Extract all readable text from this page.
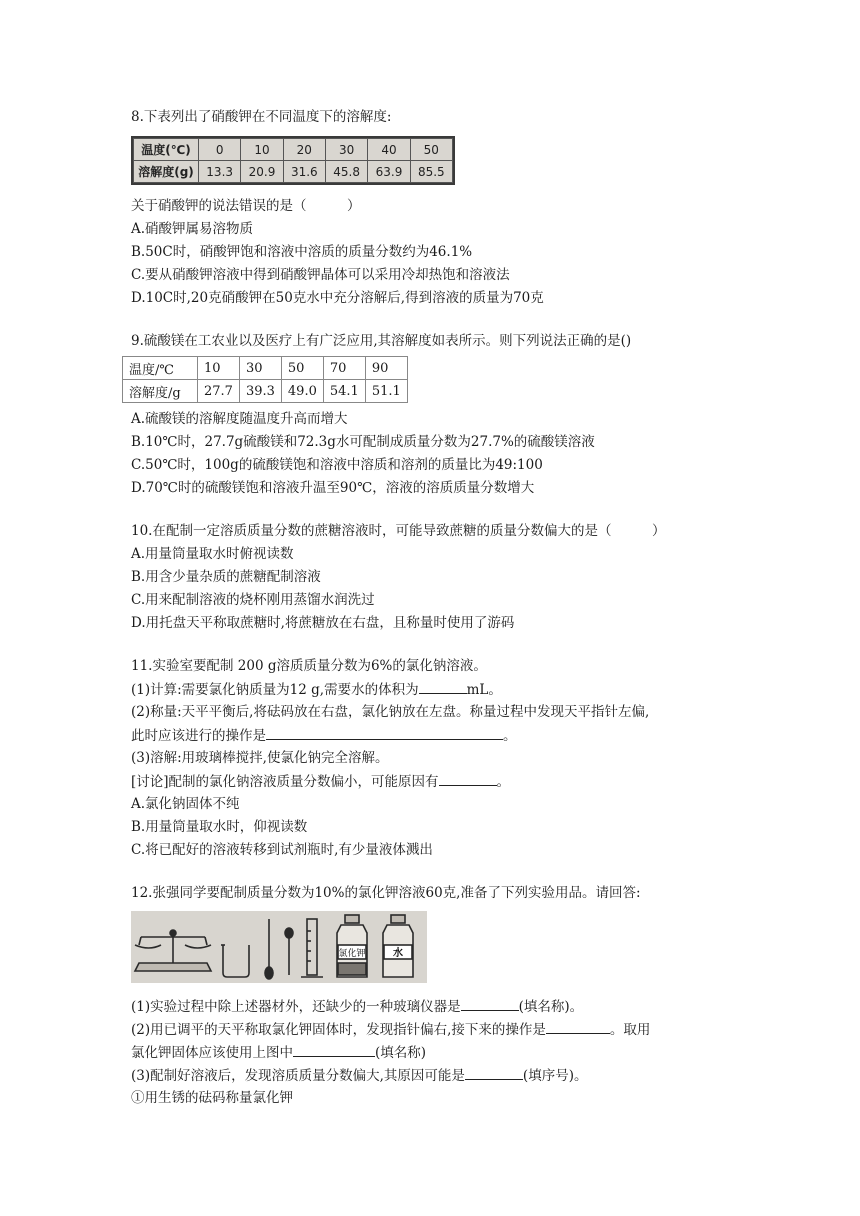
8.下表列出了硝酸钾在不同温度下的溶解度:
温度(℃)	0	10	20	30	40	50
溶解度(g)	13.3	20.9	31.6	45.8	63.9	85.5
关于硝酸钾的说法错误的是（　　　）
A.硝酸钾属易溶物质
B.50C时，硝酸钾饱和溶液中溶质的质量分数约为46.1%
C.要从硝酸钾溶液中得到硝酸钾晶体可以采用冷却热饱和溶液法
D.10C时,20克硝酸钾在50克水中充分溶解后,得到溶液的质量为70克
9.硫酸镁在工农业以及医疗上有广泛应用,其溶解度如表所示。则下列说法正确的是()
温度/℃	10	30	50	70	90
溶解度/g	27.7	39.3	49.0	54.1	51.1
A.硫酸镁的溶解度随温度升高而增大
B.10℃时，27.7g硫酸镁和72.3g水可配制成质量分数为27.7%的硫酸镁溶液
C.50℃时，100g的硫酸镁饱和溶液中溶质和溶剂的质量比为49:100
D.70℃时的硫酸镁饱和溶液升温至90℃，溶液的溶质质量分数增大
10.在配制一定溶质质量分数的蔗糖溶液时，可能导致蔗糖的质量分数偏大的是（　　　）
A.用量筒量取水时俯视读数
B.用含少量杂质的蔗糖配制溶液
C.用来配制溶液的烧杯刚用蒸馏水润洗过
D.用托盘天平称取蔗糖时,将蔗糖放在右盘，且称量时使用了游码
11.实验室要配制 200 g溶质质量分数为6%的氯化钠溶液。
(1)计算:需要氯化钠质量为12 g,需要水的体积为	mL。
(2)称量:天平平衡后,将砝码放在右盘，氯化钠放在左盘。称量过程中发现天平指针左偏,
此时应该进行的操作是	。
(3)溶解:用玻璃棒搅拌,使氯化钠完全溶解。
[讨论]配制的氯化钠溶液质量分数偏小，可能原因有	。
A.氯化钠固体不纯
B.用量筒量取水时，仰视读数
C.将已配好的溶液转移到试剂瓶时,有少量液体溅出
12.张强同学要配制质量分数为10%的氯化钾溶液60克,准备了下列实验用品。请回答:
氯化钾	水
(1)实验过程中除上述器材外，还缺少的一种玻璃仪器是	(填名称)。
(2)用已调平的天平称取氯化钾固体时，发现指针偏右,接下来的操作是	。取用
氯化钾固体应该使用上图中	(填名称)
(3)配制好溶液后，发现溶质质量分数偏大,其原因可能是	(填序号)。
①用生锈的砝码称量氯化钾
